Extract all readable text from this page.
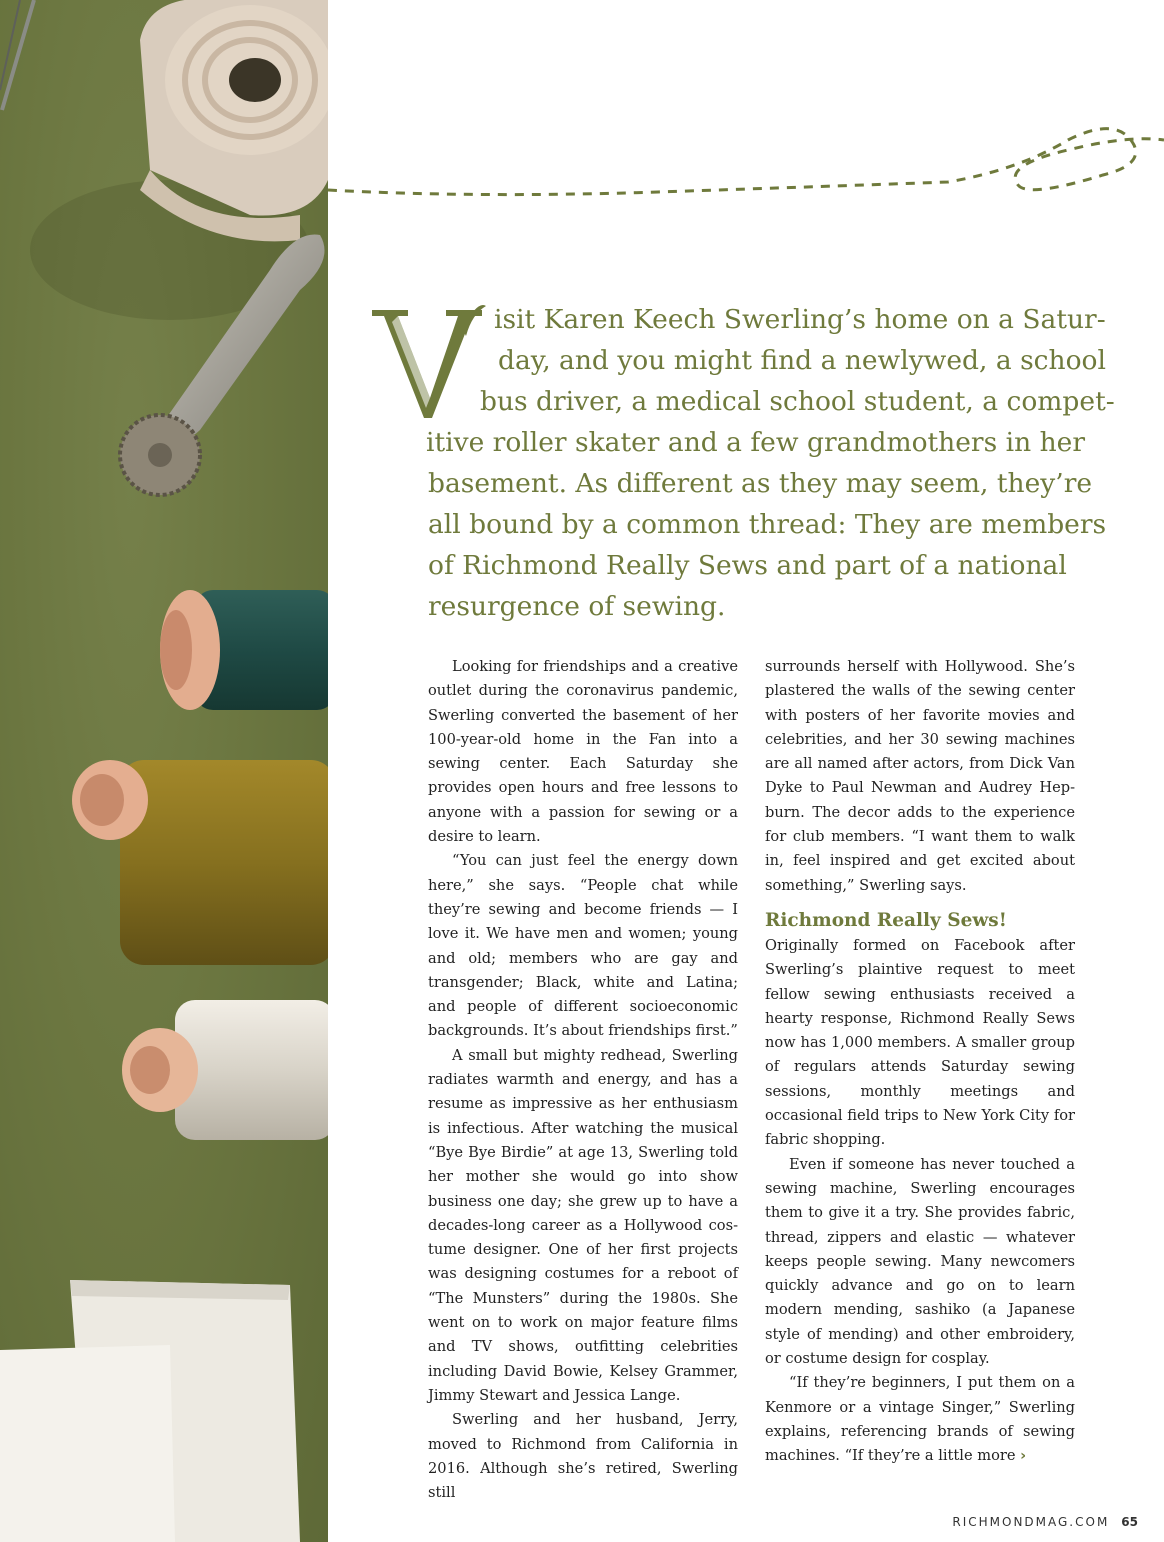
isit Karen Keech Swerling’s home on a Satur-
day, and you might find a newlywed, a school
bus driver, a medical school student, a compet-
itive roller skater and a few grandmothers in her
basement. As different as they may seem, they’re
all bound by a common thread: They are members
of Richmond Really Sews and part of a national
resurgence of sewing.

Looking for friendships and a creative outlet during the coronavirus pandemic, Swerling converted the basement of her 100-year-old home in the Fan into a sewing center. Each Saturday she provides open hours and free lessons to anyone with a passion for sewing or a desire to learn.

“You can just feel the energy down here,” she says. “People chat while they’re sewing and become friends — I love it. We have men and women; young and old; members who are gay and transgender; Black, white and Latina; and people of different socioeconomic backgrounds. It’s about friendships first.”

A small but mighty redhead, Swerling radiates warmth and energy, and has a resume as impressive as her enthusiasm is infectious. After watching the musical “Bye Bye Birdie” at age 13, Swerling told her mother she would go into show business one day; she grew up to have a decades-long career as a Hollywood costume designer. One of her first projects was designing costumes for a reboot of “The Munsters” during the 1980s. She went on to work on major feature films and TV shows, outfitting celebrities including David Bowie, Kelsey Grammer, Jimmy Stewart and Jessica Lange.

Swerling and her husband, Jerry, moved to Richmond from California in 2016. Although she’s retired, Swerling still

surrounds herself with Hollywood. She’s plastered the walls of the sewing center with posters of her favorite movies and celebrities, and her 30 sewing machines are all named after actors, from Dick Van Dyke to Paul Newman and Audrey Hepburn. The decor adds to the experience for club members. “I want them to walk in, feel inspired and get excited about something,” Swerling says.

Richmond Really Sews!

Originally formed on Facebook after Swerling’s plaintive request to meet fellow sewing enthusiasts received a hearty response, Richmond Really Sews now has 1,000 members. A smaller group of regulars attends Saturday sewing sessions, monthly meetings and occasional field trips to New York City for fabric shopping.

Even if someone has never touched a sewing machine, Swerling encourages them to give it a try. She provides fabric, thread, zippers and elastic — whatever keeps people sewing. Many newcomers quickly advance and go on to learn modern mending, sashiko (a Japanese style of mending) and other embroidery, or costume design for cosplay.

“If they’re beginners, I put them on a Kenmore or a vintage Singer,” Swerling explains, referencing brands of sewing machines. “If they’re a little more ›

RICHMONDMAG.COM 65
